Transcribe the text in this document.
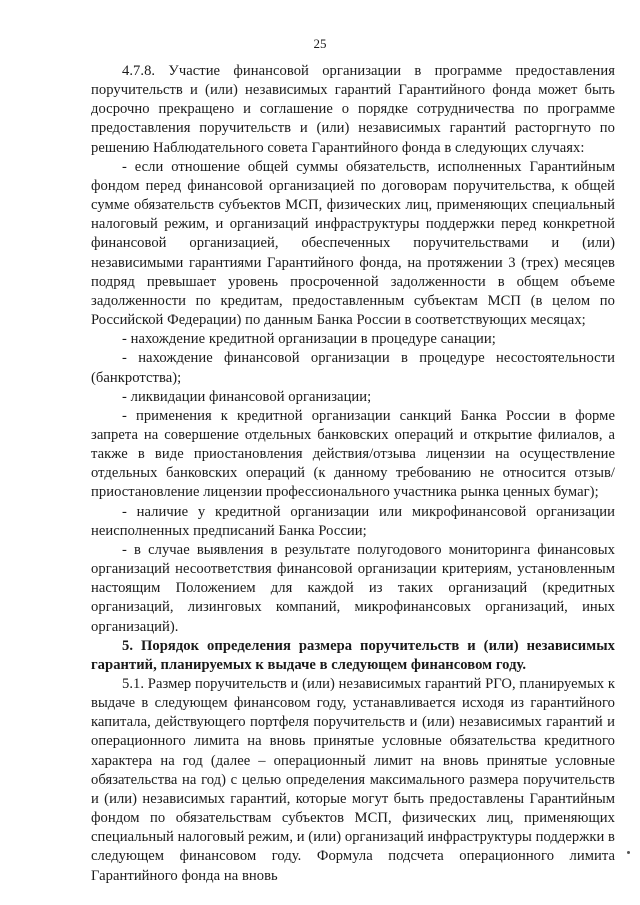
25

4.7.8. Участие финансовой организации в программе предоставления поручительств и (или) независимых гарантий Гарантийного фонда может быть досрочно прекращено и соглашение о порядке сотрудничества по программе предоставления поручительств и (или) независимых гарантий расторгнуто по решению Наблюдательного совета Гарантийного фонда в следующих случаях:

- если отношение общей суммы обязательств, исполненных Гарантийным фондом перед финансовой организацией по договорам поручительства, к общей сумме обязательств субъектов МСП, физических лиц, применяющих специальный налоговый режим, и организаций инфраструктуры поддержки перед конкретной финансовой организацией, обеспеченных поручительствами и (или) независимыми гарантиями Гарантийного фонда, на протяжении 3 (трех) месяцев подряд превышает уровень просроченной задолженности в общем объеме задолженности по кредитам, предоставленным субъектам МСП (в целом по Российской Федерации) по данным Банка России в соответствующих месяцах;

- нахождение кредитной организации в процедуре санации;

- нахождение финансовой организации в процедуре несостоятельности (банкротства);

- ликвидации финансовой организации;

- применения к кредитной организации санкций Банка России в форме запрета на совершение отдельных банковских операций и открытие филиалов, а также в виде приостановления действия/отзыва лицензии на осуществление отдельных банковских операций (к данному требованию не относится отзыв/приостановление лицензии профессионального участника рынка ценных бумаг);

- наличие у кредитной организации или микрофинансовой организации неисполненных предписаний Банка России;

- в случае выявления в результате полугодового мониторинга финансовых организаций несоответствия финансовой организации критериям, установленным настоящим Положением для каждой из таких организаций (кредитных организаций, лизинговых компаний, микрофинансовых организаций, иных организаций).

5. Порядок определения размера поручительств и (или) независимых гарантий, планируемых к выдаче в следующем финансовом году.

5.1. Размер поручительств и (или) независимых гарантий РГО, планируемых к выдаче в следующем финансовом году, устанавливается исходя из гарантийного капитала, действующего портфеля поручительств и (или) независимых гарантий и операционного лимита на вновь принятые условные обязательства кредитного характера на год (далее – операционный лимит на вновь принятые условные обязательства на год) с целью определения максимального размера поручительств и (или) независимых гарантий, которые могут быть предоставлены Гарантийным фондом по обязательствам субъектов МСП, физических лиц, применяющих специальный налоговый режим, и (или) организаций инфраструктуры поддержки в следующем финансовом году. Формула подсчета операционного лимита Гарантийного фонда на вновь
